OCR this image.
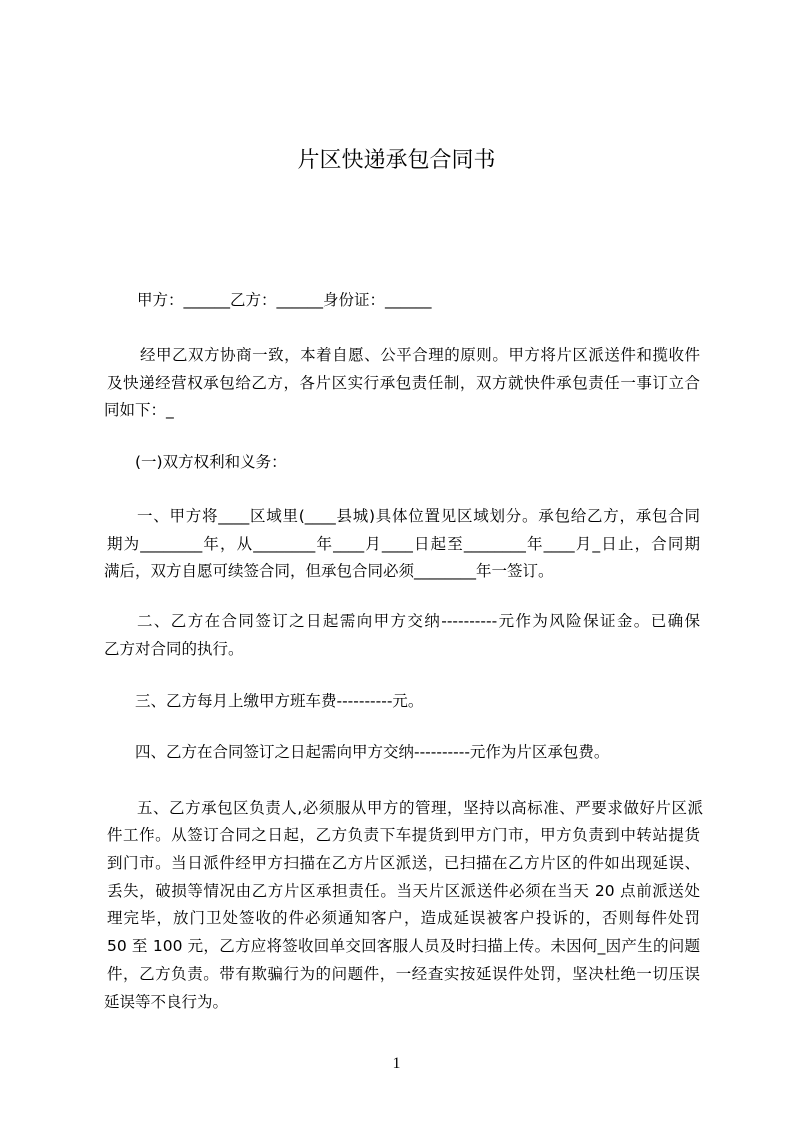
片区快递承包合同书
甲方：______乙方：______身份证：______
经甲乙双方协商一致，本着自愿、公平合理的原则。甲方将片区派送件和揽收件
及快递经营权承包给乙方，各片区实行承包责任制，双方就快件承包责任一事订立合
同如下：_
(一)双方权利和义务：
一、甲方将____区域里(____县城)具体位置见区域划分。承包给乙方，承包合同
期为________年，从________年____月____日起至________年____月_日止，合同期
满后，双方自愿可续签合同，但承包合同必须________年一签订。
二、乙方在合同签订之日起需向甲方交纳----------元作为风险保证金。已确保
乙方对合同的执行。
三、乙方每月上缴甲方班车费----------元。
四、乙方在合同签订之日起需向甲方交纳----------元作为片区承包费。
五、乙方承包区负责人,必须服从甲方的管理，坚持以高标准、严要求做好片区派
件工作。从签订合同之日起，乙方负责下车提货到甲方门市，甲方负责到中转站提货
到门市。当日派件经甲方扫描在乙方片区派送，已扫描在乙方片区的件如出现延误、
丢失，破损等情况由乙方片区承担责任。当天片区派送件必须在当天 20 点前派送处
理完毕，放门卫处签收的件必须通知客户，造成延误被客户投诉的，否则每件处罚
50 至 100 元，乙方应将签收回单交回客服人员及时扫描上传。未因何_因产生的问题
件，乙方负责。带有欺骗行为的问题件，一经查实按延误件处罚，坚决杜绝一切压误
延误等不良行为。
1
